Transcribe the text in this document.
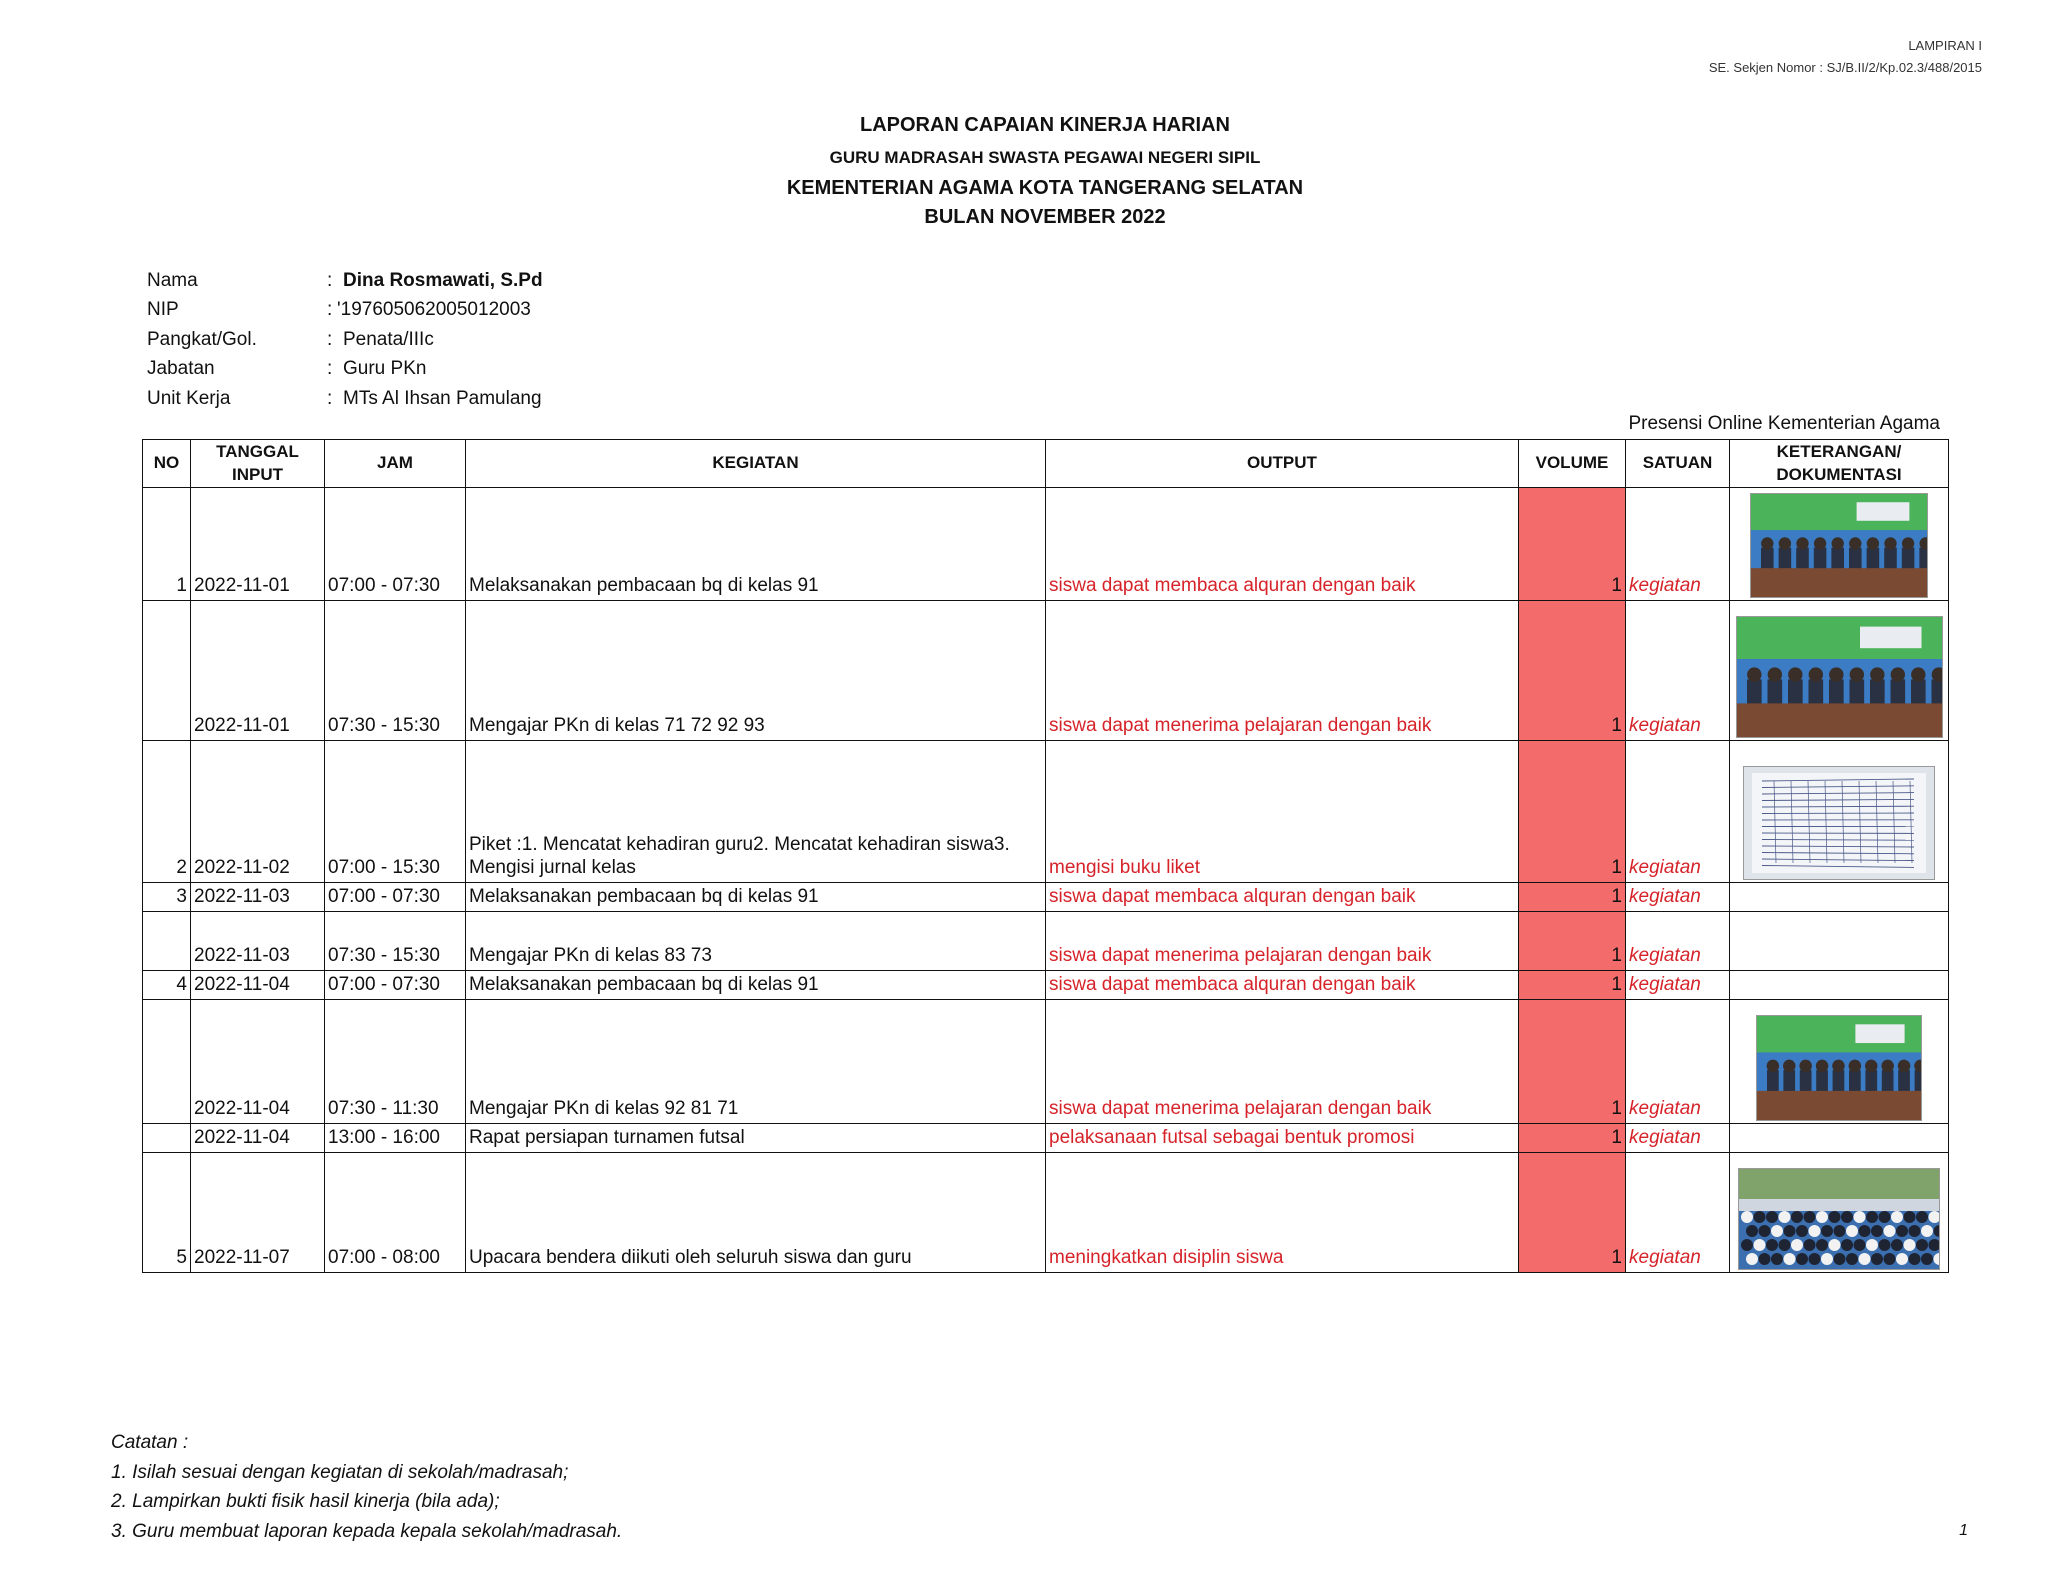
LAMPIRAN I
SE. Sekjen Nomor : SJ/B.II/2/Kp.02.3/488/2015
LAPORAN CAPAIAN KINERJA HARIAN
GURU MADRASAH SWASTA PEGAWAI NEGERI SIPIL
KEMENTERIAN AGAMA KOTA TANGERANG SELATAN
BULAN NOVEMBER 2022
Nama	: Dina Rosmawati, S.Pd
NIP	: '197605062005012003
Pangkat/Gol.	: Penata/IIIc
Jabatan	: Guru PKn
Unit Kerja	: MTs Al Ihsan Pamulang
Presensi Online Kementerian Agama
NO	TANGGAL INPUT	JAM	KEGIATAN	OUTPUT	VOLUME	SATUAN	KETERANGAN/ DOKUMENTASI
1	2022-11-01	07:00 - 07:30	Melaksanakan pembacaan bq di kelas 91	siswa dapat membaca alquran dengan baik	1	kegiatan	

	2022-11-01	07:30 - 15:30	Mengajar PKn di kelas 71 72 92 93	siswa dapat menerima pelajaran dengan baik	1	kegiatan	

2	2022-11-02	07:00 - 15:30	Piket :1. Mencatat kehadiran guru2. Mencatat kehadiran siswa3. Mengisi jurnal kelas	mengisi buku liket	1	kegiatan	

3	2022-11-03	07:00 - 07:30	Melaksanakan pembacaan bq di kelas 91	siswa dapat membaca alquran dengan baik	1	kegiatan	
	2022-11-03	07:30 - 15:30	Mengajar PKn di kelas 83 73	siswa dapat menerima pelajaran dengan baik	1	kegiatan	
4	2022-11-04	07:00 - 07:30	Melaksanakan pembacaan bq di kelas 91	siswa dapat membaca alquran dengan baik	1	kegiatan	
	2022-11-04	07:30 - 11:30	Mengajar PKn di kelas 92 81 71	siswa dapat menerima pelajaran dengan baik	1	kegiatan	

	2022-11-04	13:00 - 16:00	Rapat persiapan turnamen futsal	pelaksanaan futsal sebagai bentuk promosi	1	kegiatan	
5	2022-11-07	07:00 - 08:00	Upacara bendera diikuti oleh seluruh siswa dan guru	meningkatkan disiplin siswa	1	kegiatan	
Catatan :
1. Isilah sesuai dengan kegiatan di sekolah/madrasah;
2. Lampirkan bukti fisik hasil kinerja (bila ada);
3. Guru membuat laporan kepada kepala sekolah/madrasah.	1
